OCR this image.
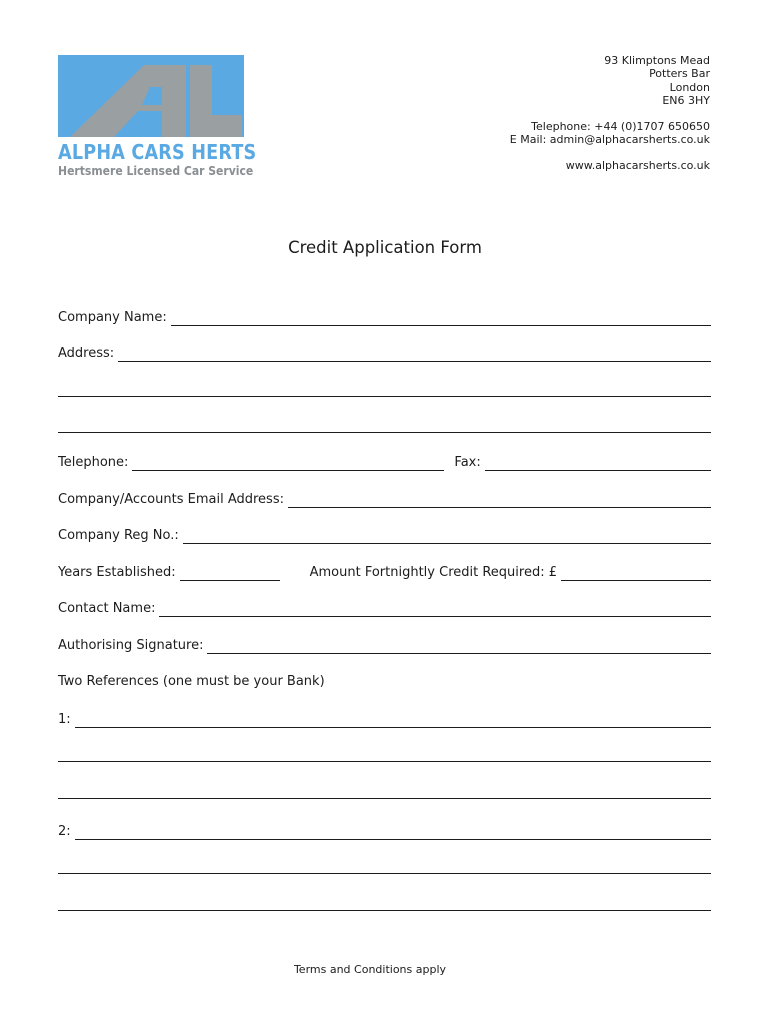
ALPHA CARS HERTS
Hertsmere Licensed Car Service
93 Klimptons Mead
Potters Bar
London
EN6 3HY
Telephone: +44 (0)1707 650650
E Mail: admin@alphacarsherts.co.uk
www.alphacarsherts.co.uk
Credit Application Form
Company Name:
Address:
Telephone:	Fax:
Company/Accounts Email Address:
Company Reg No.:
Years Established:	Amount Fortnightly Credit Required: £
Contact Name:
Authorising Signature:
Two References (one must be your Bank)
1:
2:
Terms and Conditions apply
